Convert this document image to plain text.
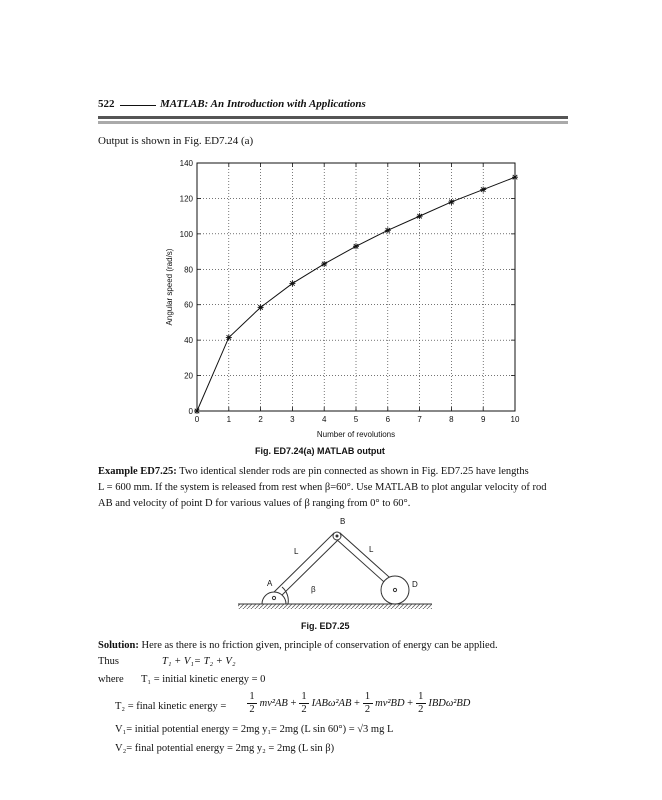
522	MATLAB: An Introduction with Applications
Output is shown in Fig. ED7.24 (a)
0	1	2	3	4	5	6	7	8	9	10
0
20
40
60
80
100
120
140
Number of revolutions
Angular speed (rad/s)
Fig. ED7.24(a) MATLAB output
Example ED7.25: Two identical slender rods are pin connected as shown in Fig. ED7.25 have lengths
L = 600 mm. If the system is released from rest when β=60°. Use MATLAB to plot angular velocity of rod
AB and velocity of point D for various values of β ranging from 0° to 60°.
A
B
D
L	L
β
Fig. ED7.25
Solution: Here as there is no friction given, principle of conservation of energy can be applied.
Thus	T₁ + V₁= T₂ + V₂
where T₁ = initial kinetic energy = 0
T₂ = final kinetic energy = $\frac{1}{2} mv^2AB + \frac{1}{2} IAB\omega^2AB + \frac{1}{2} mv^2BD + \frac{1}{2} IBD\omega^2BD$
V₁= initial potential energy = 2mg y₁= 2mg (L sin 60°) = √3 mg L
V₂= final potential energy = 2mg y₂ = 2mg (L sin β)
